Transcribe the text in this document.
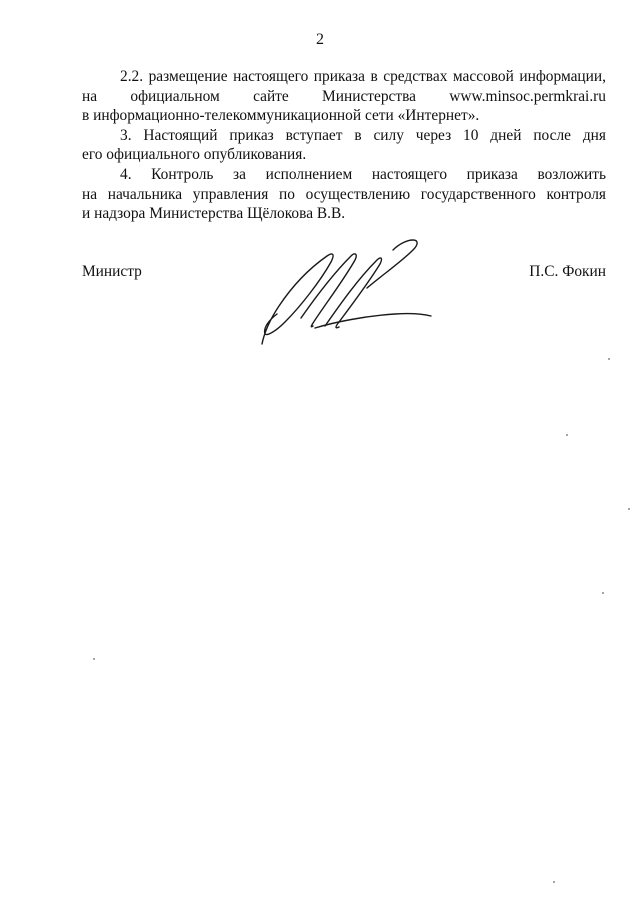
2
2.2. размещение настоящего приказа в средствах массовой информации,
на официальном сайте Министерства www.minsoc.permkrai.ru
в информационно-телекоммуникационной сети «Интернет».
3. Настоящий приказ вступает в силу через 10 дней после дня
его официального опубликования.
4. Контроль за исполнением настоящего приказа возложить
на начальника управления по осуществлению государственного контроля
и надзора Министерства Щёлокова В.В.
Министр	П.С. Фокин
